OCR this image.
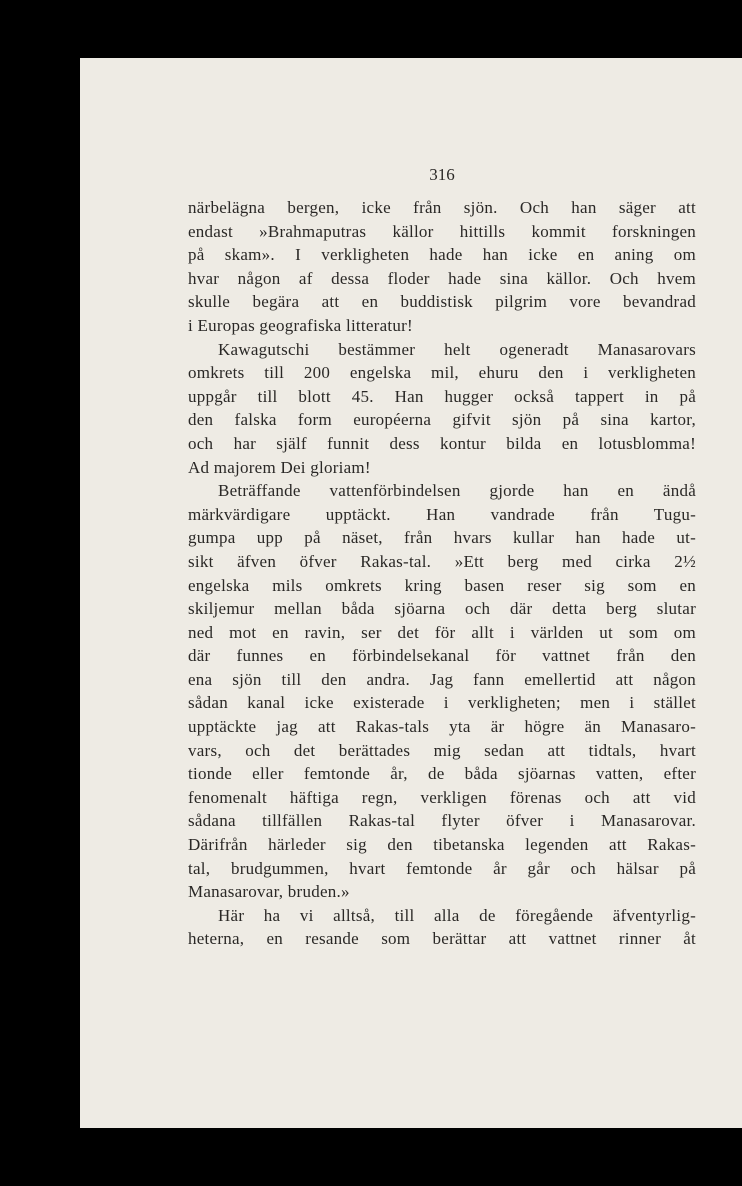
316
närbelägna bergen, icke från sjön. Och han säger att
endast »Brahmaputras källor hittills kommit forskningen
på skam». I verkligheten hade han icke en aning om
hvar någon af dessa floder hade sina källor. Och hvem
skulle begära att en buddistisk pilgrim vore bevandrad
i Europas geografiska litteratur!
Kawagutschi bestämmer helt ogeneradt Manasarovars
omkrets till 200 engelska mil, ehuru den i verkligheten
uppgår till blott 45. Han hugger också tappert in på
den falska form européerna gifvit sjön på sina kartor,
och har själf funnit dess kontur bilda en lotusblomma!
Ad majorem Dei gloriam!
Beträffande vattenförbindelsen gjorde han en ändå
märkvärdigare upptäckt. Han vandrade från Tugu-
gumpa upp på näset, från hvars kullar han hade ut-
sikt äfven öfver Rakas-tal. »Ett berg med cirka 2½
engelska mils omkrets kring basen reser sig som en
skiljemur mellan båda sjöarna och där detta berg slutar
ned mot en ravin, ser det för allt i världen ut som om
där funnes en förbindelsekanal för vattnet från den
ena sjön till den andra. Jag fann emellertid att någon
sådan kanal icke existerade i verkligheten; men i stället
upptäckte jag att Rakas-tals yta är högre än Manasaro-
vars, och det berättades mig sedan att tidtals, hvart
tionde eller femtonde år, de båda sjöarnas vatten, efter
fenomenalt häftiga regn, verkligen förenas och att vid
sådana tillfällen Rakas-tal flyter öfver i Manasarovar.
Därifrån härleder sig den tibetanska legenden att Rakas-
tal, brudgummen, hvart femtonde år går och hälsar på
Manasarovar, bruden.»
Här ha vi alltså, till alla de föregående äfventyrlig-
heterna, en resande som berättar att vattnet rinner åt
